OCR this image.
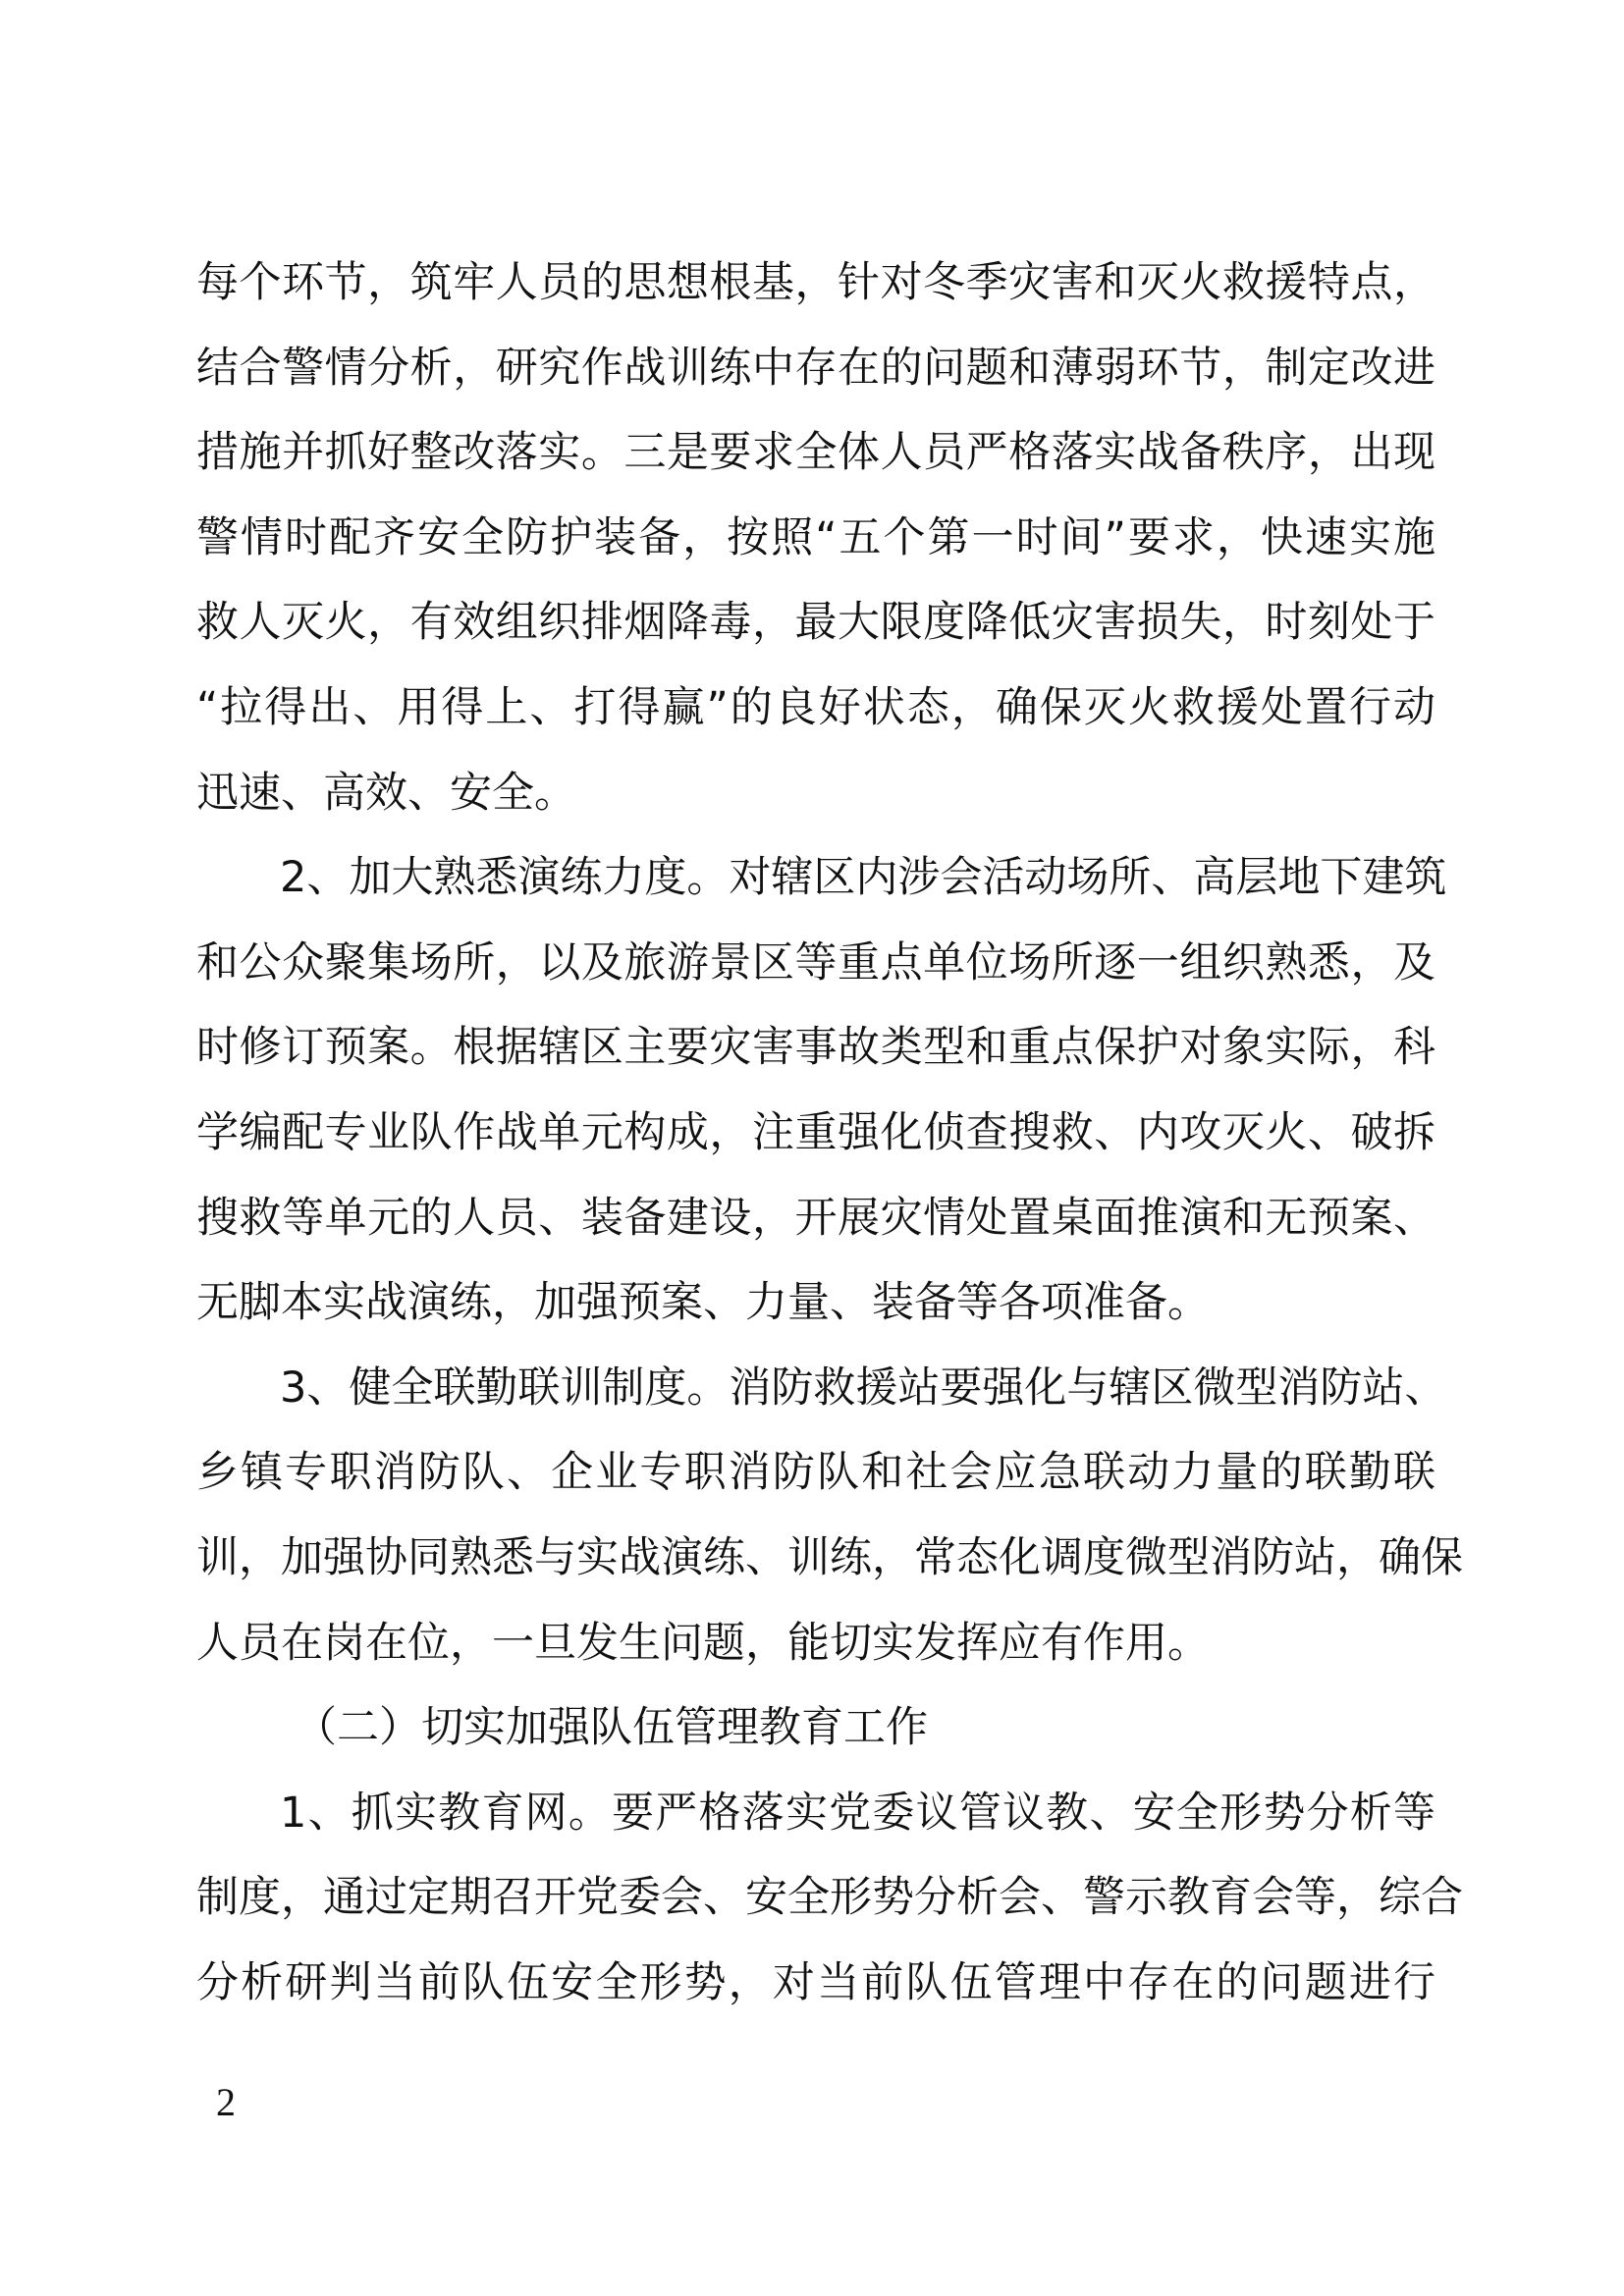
每个环节，筑牢人员的思想根基，针对冬季灾害和灭火救援特点，
结合警情分析，研究作战训练中存在的问题和薄弱环节，制定改进
措施并抓好整改落实。三是要求全体人员严格落实战备秩序，出现
警情时配齐安全防护装备，按照“五个第一时间”要求，快速实施
救人灭火，有效组织排烟降毒，最大限度降低灾害损失，时刻处于
“拉得出、用得上、打得赢”的良好状态，确保灭火救援处置行动
迅速、高效、安全。
2、加大熟悉演练力度。对辖区内涉会活动场所、高层地下建筑
和公众聚集场所，以及旅游景区等重点单位场所逐一组织熟悉，及
时修订预案。根据辖区主要灾害事故类型和重点保护对象实际，科
学编配专业队作战单元构成，注重强化侦查搜救、内攻灭火、破拆
搜救等单元的人员、装备建设，开展灾情处置桌面推演和无预案、
无脚本实战演练，加强预案、力量、装备等各项准备。
3、健全联勤联训制度。消防救援站要强化与辖区微型消防站、
乡镇专职消防队、企业专职消防队和社会应急联动力量的联勤联
训，加强协同熟悉与实战演练、训练，常态化调度微型消防站，确保
人员在岗在位，一旦发生问题，能切实发挥应有作用。
（二）切实加强队伍管理教育工作
1、抓实教育网。要严格落实党委议管议教、安全形势分析等
制度，通过定期召开党委会、安全形势分析会、警示教育会等，综合
分析研判当前队伍安全形势，对当前队伍管理中存在的问题进行
2
